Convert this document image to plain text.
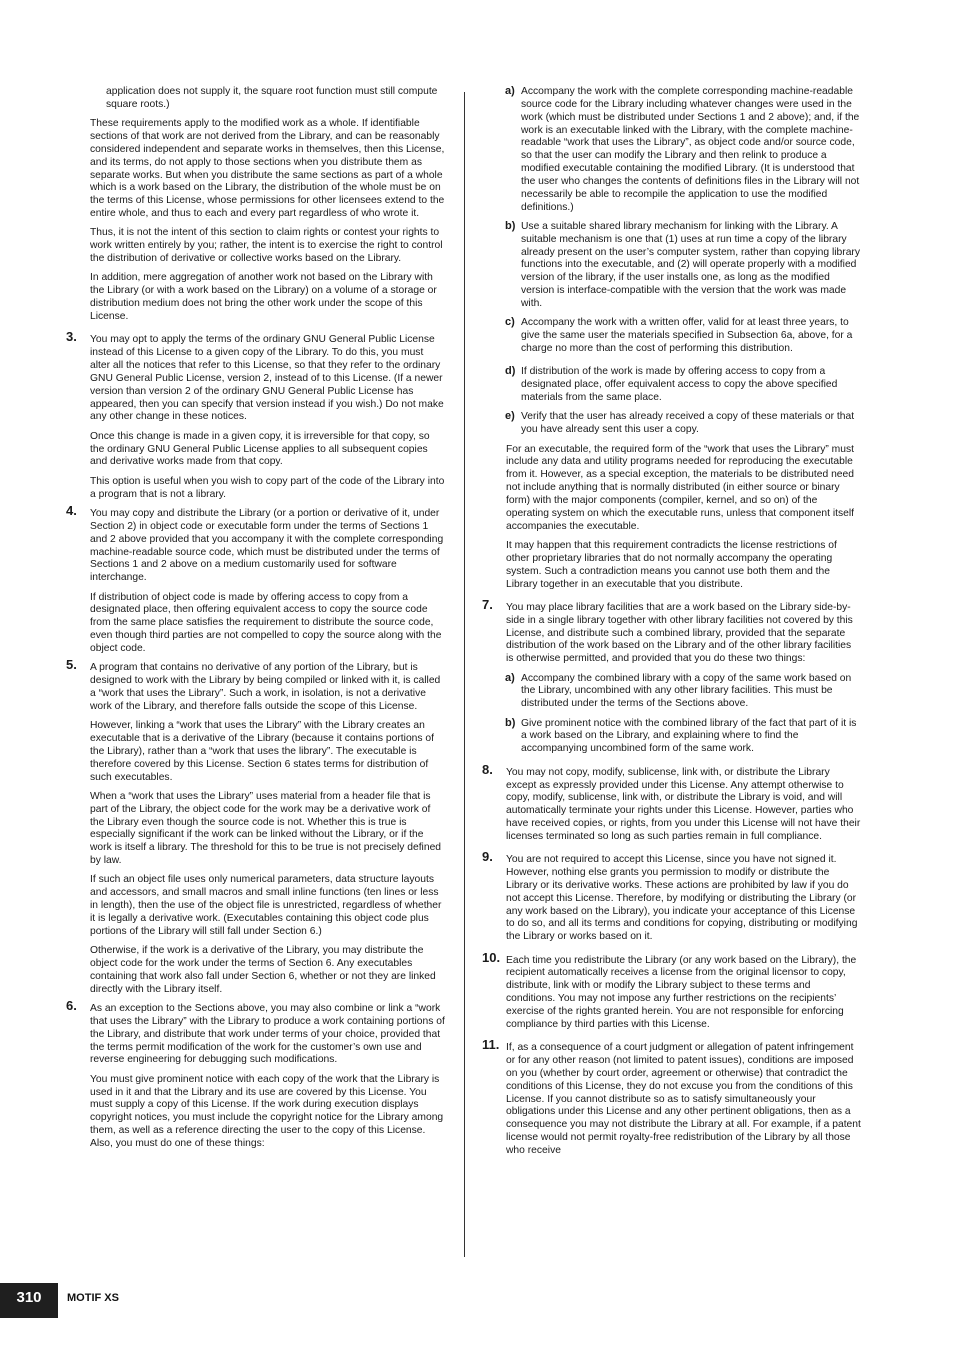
application does not supply it, the square root function must still compute square roots.)

These requirements apply to the modified work as a whole. If identifiable sections of that work are not derived from the Library, and can be reasonably considered independent and separate works in themselves, then this License, and its terms, do not apply to those sections when you distribute them as separate works. But when you distribute the same sections as part of a whole which is a work based on the Library, the distribution of the whole must be on the terms of this License, whose permissions for other licensees extend to the entire whole, and thus to each and every part regardless of who wrote it.

Thus, it is not the intent of this section to claim rights or contest your rights to work written entirely by you; rather, the intent is to exercise the right to control the distribution of derivative or collective works based on the Library.

In addition, mere aggregation of another work not based on the Library with the Library (or with a work based on the Library) on a volume of a storage or distribution medium does not bring the other work under the scope of this License.

3. You may opt to apply the terms of the ordinary GNU General Public License instead of this License to a given copy of the Library. To do this, you must alter all the notices that refer to this License, so that they refer to the ordinary GNU General Public License, version 2, instead of to this License. (If a newer version than version 2 of the ordinary GNU General Public License has appeared, then you can specify that version instead if you wish.) Do not make any other change in these notices.

Once this change is made in a given copy, it is irreversible for that copy, so the ordinary GNU General Public License applies to all subsequent copies and derivative works made from that copy.

This option is useful when you wish to copy part of the code of the Library into a program that is not a library.

4. You may copy and distribute the Library (or a portion or derivative of it, under Section 2) in object code or executable form under the terms of Sections 1 and 2 above provided that you accompany it with the complete corresponding machine-readable source code, which must be distributed under the terms of Sections 1 and 2 above on a medium customarily used for software interchange.

If distribution of object code is made by offering access to copy from a designated place, then offering equivalent access to copy the source code from the same place satisfies the requirement to distribute the source code, even though third parties are not compelled to copy the source along with the object code.

5. A program that contains no derivative of any portion of the Library, but is designed to work with the Library by being compiled or linked with it, is called a “work that uses the Library”. Such a work, in isolation, is not a derivative work of the Library, and therefore falls outside the scope of this License.

However, linking a “work that uses the Library” with the Library creates an executable that is a derivative of the Library (because it contains portions of the Library), rather than a “work that uses the library”. The executable is therefore covered by this License. Section 6 states terms for distribution of such executables.

When a “work that uses the Library” uses material from a header file that is part of the Library, the object code for the work may be a derivative work of the Library even though the source code is not. Whether this is true is especially significant if the work can be linked without the Library, or if the work is itself a library. The threshold for this to be true is not precisely defined by law.

If such an object file uses only numerical parameters, data structure layouts and accessors, and small macros and small inline functions (ten lines or less in length), then the use of the object file is unrestricted, regardless of whether it is legally a derivative work. (Executables containing this object code plus portions of the Library will still fall under Section 6.)

Otherwise, if the work is a derivative of the Library, you may distribute the object code for the work under the terms of Section 6. Any executables containing that work also fall under Section 6, whether or not they are linked directly with the Library itself.

6. As an exception to the Sections above, you may also combine or link a “work that uses the Library” with the Library to produce a work containing portions of the Library, and distribute that work under terms of your choice, provided that the terms permit modification of the work for the customer’s own use and reverse engineering for debugging such modifications.

You must give prominent notice with each copy of the work that the Library is used in it and that the Library and its use are covered by this License. You must supply a copy of this License. If the work during execution displays copyright notices, you must include the copyright notice for the Library among them, as well as a reference directing the user to the copy of this License. Also, you must do one of these things:

a) Accompany the work with the complete corresponding machine-readable source code for the Library including whatever changes were used in the work (which must be distributed under Sections 1 and 2 above); and, if the work is an executable linked with the Library, with the complete machine-readable “work that uses the Library”, as object code and/or source code, so that the user can modify the Library and then relink to produce a modified executable containing the modified Library. (It is understood that the user who changes the contents of definitions files in the Library will not necessarily be able to recompile the application to use the modified definitions.)

b) Use a suitable shared library mechanism for linking with the Library. A suitable mechanism is one that (1) uses at run time a copy of the library already present on the user’s computer system, rather than copying library functions into the executable, and (2) will operate properly with a modified version of the library, if the user installs one, as long as the modified version is interface-compatible with the version that the work was made with.

c) Accompany the work with a written offer, valid for at least three years, to give the same user the materials specified in Subsection 6a, above, for a charge no more than the cost of performing this distribution.

d) If distribution of the work is made by offering access to copy from a designated place, offer equivalent access to copy the above specified materials from the same place.

e) Verify that the user has already received a copy of these materials or that you have already sent this user a copy.

For an executable, the required form of the “work that uses the Library” must include any data and utility programs needed for reproducing the executable from it. However, as a special exception, the materials to be distributed need not include anything that is normally distributed (in either source or binary form) with the major components (compiler, kernel, and so on) of the operating system on which the executable runs, unless that component itself accompanies the executable.

It may happen that this requirement contradicts the license restrictions of other proprietary libraries that do not normally accompany the operating system. Such a contradiction means you cannot use both them and the Library together in an executable that you distribute.

7. You may place library facilities that are a work based on the Library side-by-side in a single library together with other library facilities not covered by this License, and distribute such a combined library, provided that the separate distribution of the work based on the Library and of the other library facilities is otherwise permitted, and provided that you do these two things:

a) Accompany the combined library with a copy of the same work based on the Library, uncombined with any other library facilities. This must be distributed under the terms of the Sections above.

b) Give prominent notice with the combined library of the fact that part of it is a work based on the Library, and explaining where to find the accompanying uncombined form of the same work.

8. You may not copy, modify, sublicense, link with, or distribute the Library except as expressly provided under this License. Any attempt otherwise to copy, modify, sublicense, link with, or distribute the Library is void, and will automatically terminate your rights under this License. However, parties who have received copies, or rights, from you under this License will not have their licenses terminated so long as such parties remain in full compliance.

9. You are not required to accept this License, since you have not signed it. However, nothing else grants you permission to modify or distribute the Library or its derivative works. These actions are prohibited by law if you do not accept this License. Therefore, by modifying or distributing the Library (or any work based on the Library), you indicate your acceptance of this License to do so, and all its terms and conditions for copying, distributing or modifying the Library or works based on it.

10. Each time you redistribute the Library (or any work based on the Library), the recipient automatically receives a license from the original licensor to copy, distribute, link with or modify the Library subject to these terms and conditions. You may not impose any further restrictions on the recipients’ exercise of the rights granted herein. You are not responsible for enforcing compliance by third parties with this License.

11. If, as a consequence of a court judgment or allegation of patent infringement or for any other reason (not limited to patent issues), conditions are imposed on you (whether by court order, agreement or otherwise) that contradict the conditions of this License, they do not excuse you from the conditions of this License. If you cannot distribute so as to satisfy simultaneously your obligations under this License and any other pertinent obligations, then as a consequence you may not distribute the Library at all. For example, if a patent license would not permit royalty-free redistribution of the Library by all those who receive

310	MOTIF XS
